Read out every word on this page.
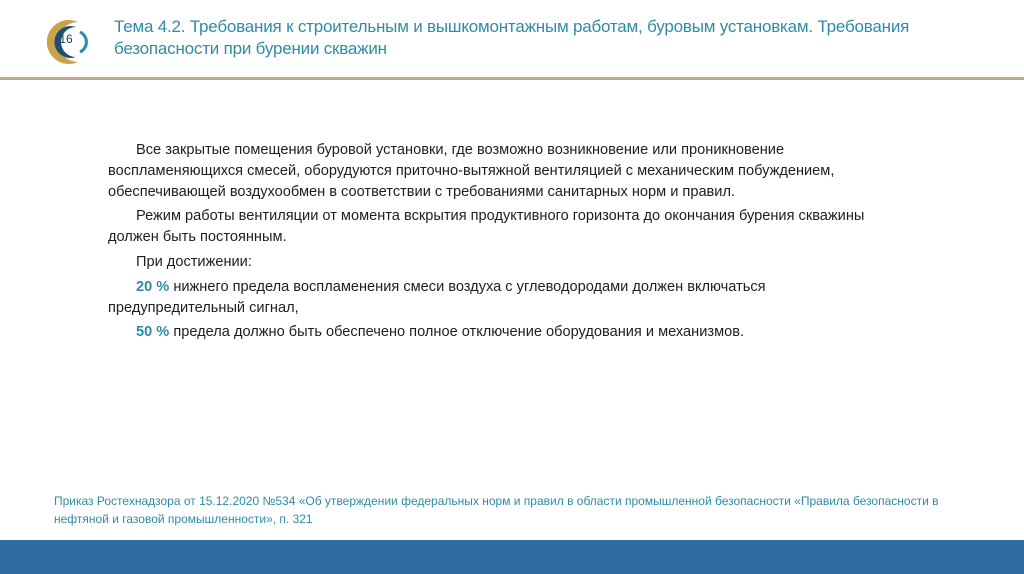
16
Тема 4.2. Требования к строительным и вышкомонтажным работам, буровым установкам. Требования безопасности при бурении скважин

Все закрытые помещения буровой установки, где возможно возникновение или проникновение воспламеняющихся смесей, оборудуются приточно-вытяжной вентиляцией с механическим побуждением, обеспечивающей воздухообмен в соответствии с требованиями санитарных норм и правил.

Режим работы вентиляции от момента вскрытия продуктивного горизонта до окончания бурения скважины должен быть постоянным.

При достижении:

20 % нижнего предела воспламенения смеси воздуха с углеводородами должен включаться предупредительный сигнал,

50 % предела должно быть обеспечено полное отключение оборудования и механизмов.

Приказ Ростехнадзора от 15.12.2020 №534 «Об утверждении федеральных норм и правил в области промышленной безопасности «Правила безопасности в нефтяной и газовой промышленности», п. 321
